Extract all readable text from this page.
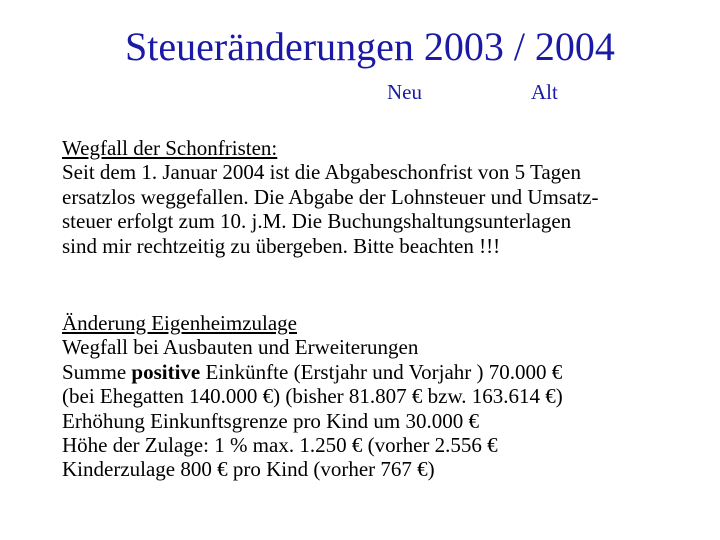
Steueränderungen 2003 / 2004
Neu	Alt
Wegfall der Schonfristen:
Seit dem 1. Januar 2004 ist die Abgabeschonfrist von 5 Tagen
ersatzlos weggefallen. Die Abgabe der Lohnsteuer und Umsatz-
steuer erfolgt zum 10. j.M. Die Buchungshaltungsunterlagen
sind mir rechtzeitig zu übergeben. Bitte beachten !!!
Änderung Eigenheimzulage
Wegfall bei Ausbauten und Erweiterungen
Summe positive Einkünfte (Erstjahr und Vorjahr ) 70.000 €
(bei Ehegatten 140.000 €) (bisher 81.807 € bzw. 163.614 €)
Erhöhung Einkunftsgrenze pro Kind um 30.000 €
Höhe der Zulage: 1 % max. 1.250 € (vorher 2.556 €
Kinderzulage 800 € pro Kind (vorher 767 €)
